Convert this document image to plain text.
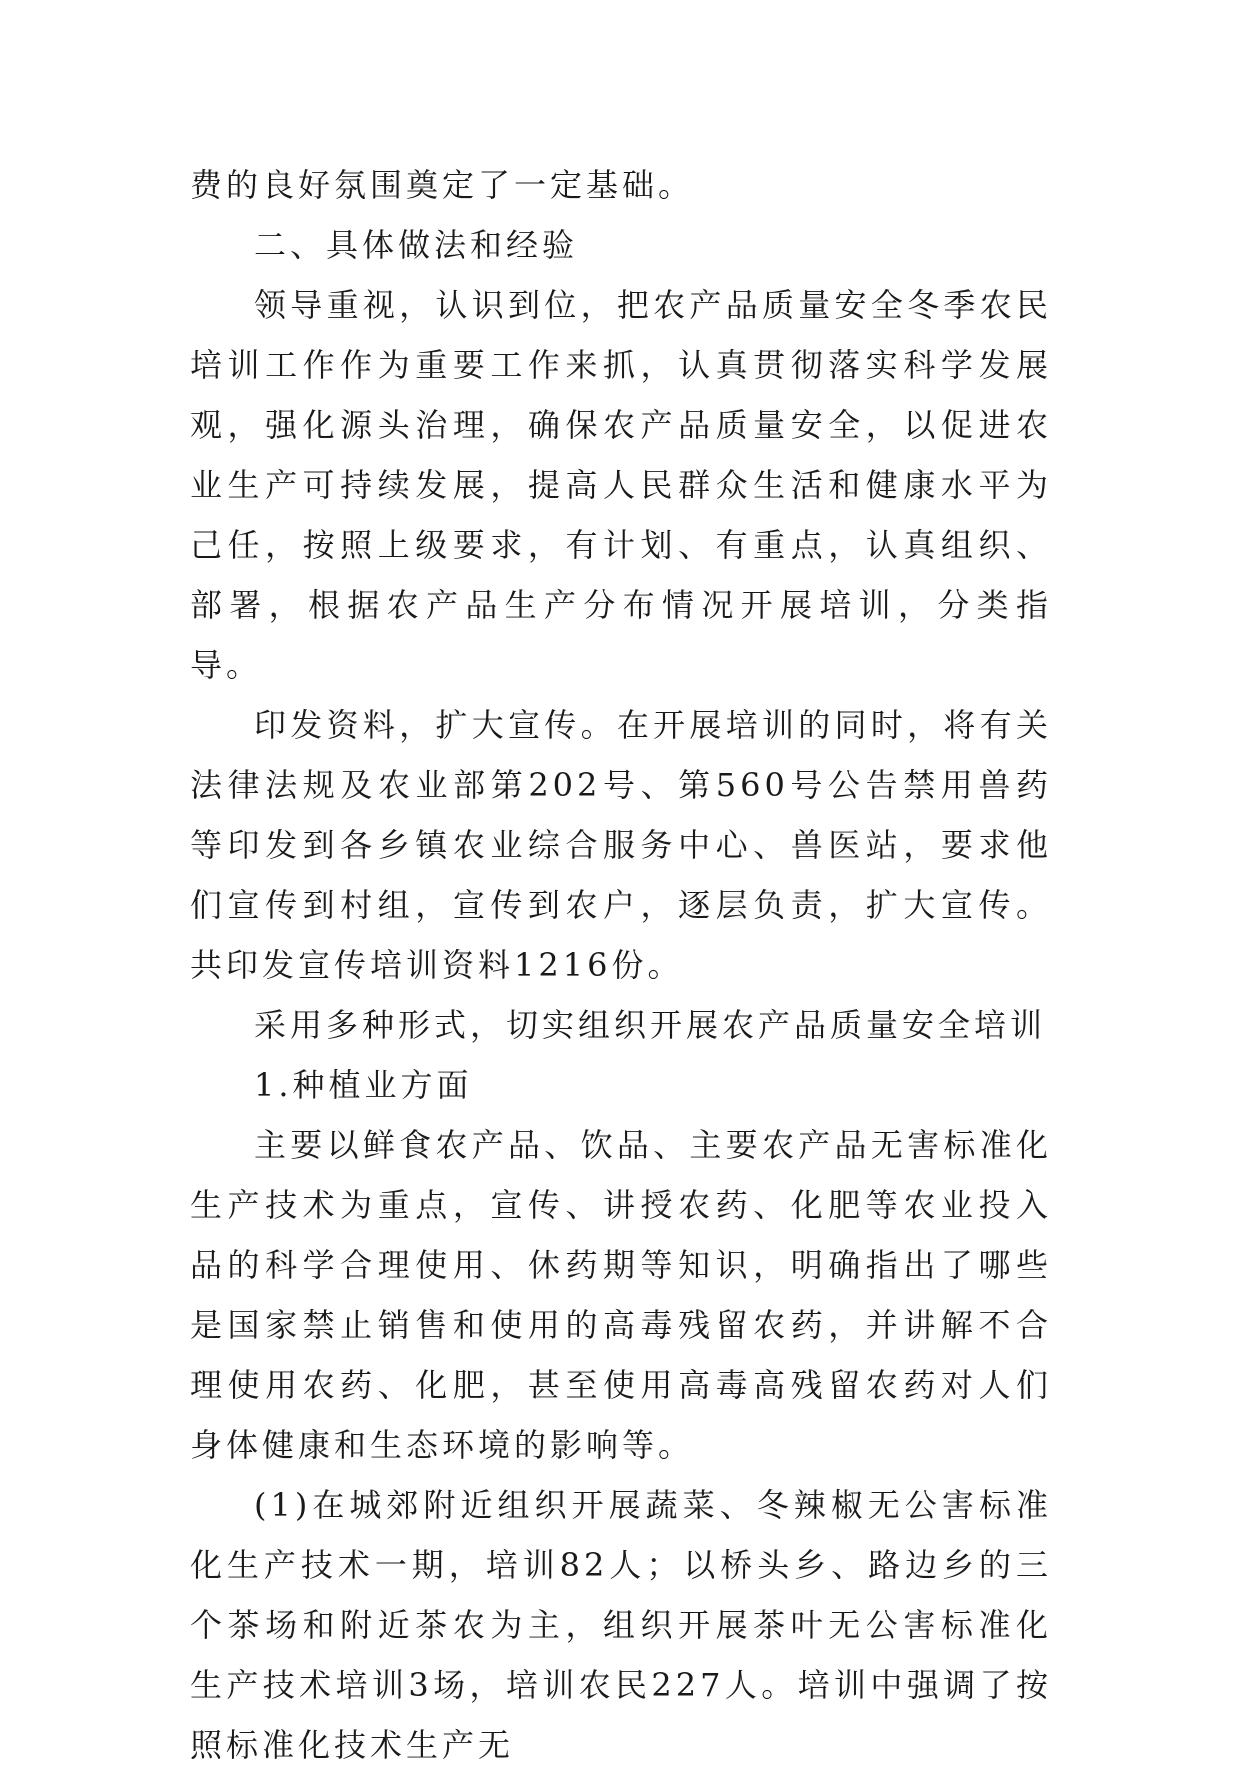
费的良好氛围奠定了一定基础。

二、具体做法和经验

领导重视，认识到位，把农产品质量安全冬季农民培训工作作为重要工作来抓，认真贯彻落实科学发展观，强化源头治理，确保农产品质量安全，以促进农业生产可持续发展，提高人民群众生活和健康水平为己任，按照上级要求，有计划、有重点，认真组织、部署，根据农产品生产分布情况开展培训，分类指导。

印发资料，扩大宣传。在开展培训的同时，将有关法律法规及农业部第202号、第560号公告禁用兽药等印发到各乡镇农业综合服务中心、兽医站，要求他们宣传到村组，宣传到农户，逐层负责，扩大宣传。共印发宣传培训资料1216份。

采用多种形式，切实组织开展农产品质量安全培训

1.种植业方面

主要以鲜食农产品、饮品、主要农产品无害标准化生产技术为重点，宣传、讲授农药、化肥等农业投入品的科学合理使用、休药期等知识，明确指出了哪些是国家禁止销售和使用的高毒残留农药，并讲解不合理使用农药、化肥，甚至使用高毒高残留农药对人们身体健康和生态环境的影响等。

(1)在城郊附近组织开展蔬菜、冬辣椒无公害标准化生产技术一期，培训82人；以桥头乡、路边乡的三个茶场和附近茶农为主，组织开展茶叶无公害标准化生产技术培训3场，培训农民227人。培训中强调了按照标准化技术生产无
